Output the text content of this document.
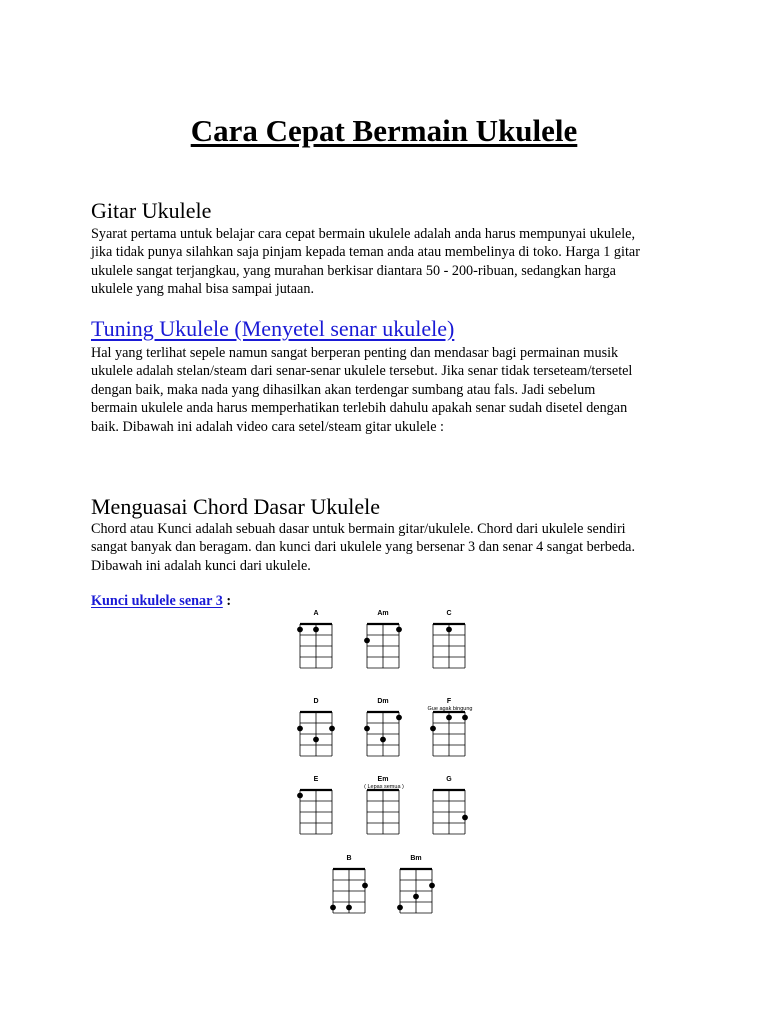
Cara Cepat Bermain Ukulele
Gitar Ukulele

Syarat pertama untuk belajar cara cepat bermain ukulele adalah anda harus mempunyai ukulele,
jika tidak punya silahkan saja pinjam kepada teman anda atau membelinya di toko. Harga 1 gitar
ukulele sangat terjangkau, yang murahan berkisar diantara 50 - 200-ribuan, sedangkan harga
ukulele yang mahal bisa sampai jutaan.

Tuning Ukulele (Menyetel senar ukulele)

Hal yang terlihat sepele namun sangat berperan penting dan mendasar bagi permainan musik
ukulele adalah stelan/steam dari senar-senar ukulele tersebut. Jika senar tidak terseteam/tersetel
dengan baik, maka nada yang dihasilkan akan terdengar sumbang atau fals. Jadi sebelum
bermain ukulele anda harus memperhatikan terlebih dahulu apakah senar sudah disetel dengan
baik. Dibawah ini adalah video cara setel/steam gitar ukulele :

Menguasai Chord Dasar Ukulele

Chord atau Kunci adalah sebuah dasar untuk bermain gitar/ukulele. Chord dari ukulele sendiri
sangat banyak dan beragam. dan kunci dari ukulele yang bersenar 3 dan senar 4 sangat berbeda.
Dibawah ini adalah kunci dari ukulele.

Kunci ukulele senar 3 :
A	Am	C
D	Dm	F
Gue agak bingung
E	Em
( Lepas semua )
G
B	Bm
